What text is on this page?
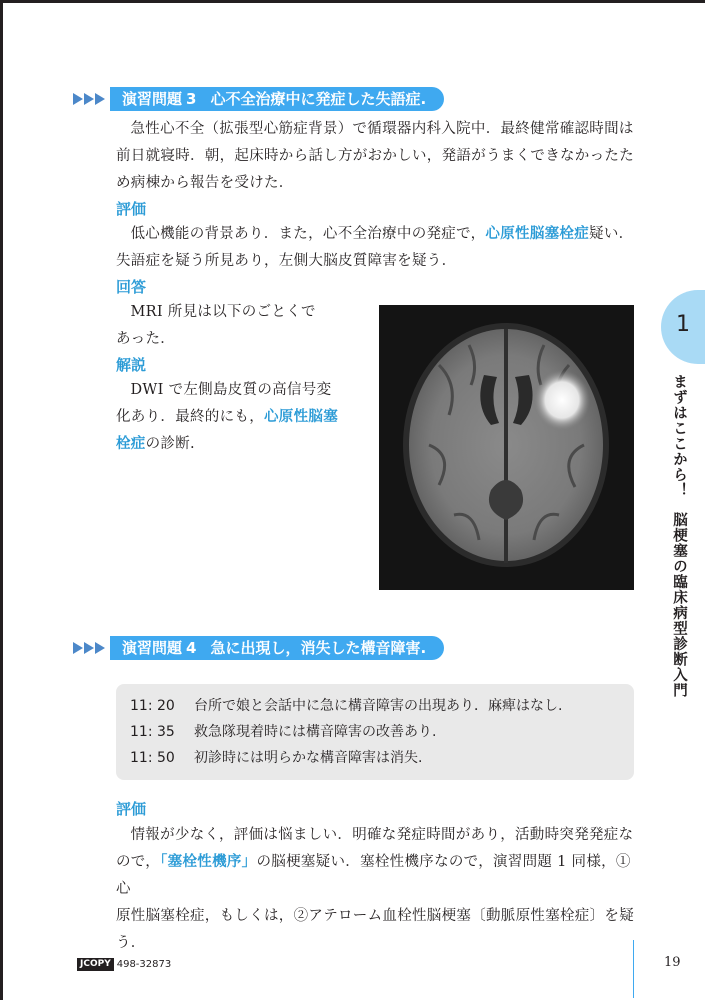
演習問題 3 心不全治療中に発症した失語症.

急性心不全（拡張型心筋症背景）で循環器内科入院中．最終健常確認時間は

前日就寝時．朝，起床時から話し方がおかしい，発語がうまくできなかったた

め病棟から報告を受けた．

評価

低心機能の背景あり．また，心不全治療中の発症で，心原性脳塞栓症疑い．

失語症を疑う所見あり，左側大脳皮質障害を疑う．

回答

MRI 所見は以下のごとくで

あった．

解説

DWI で左側島皮質の高信号変

化あり．最終的にも，心原性脳塞

栓症の診断.

演習問題 4 急に出現し，消失した構音障害.
11: 20 台所で娘と会話中に急に構音障害の出現あり．麻痺はなし.
11: 35 救急隊現着時には構音障害の改善あり.
11: 50 初診時には明らかな構音障害は消失.
評価

情報が少なく，評価は悩ましい．明確な発症時間があり，活動時突発発症な

ので，「塞栓性機序」の脳梗塞疑い．塞栓性機序なので，演習問題 1 同様，①心

原性脳塞栓症，もしくは，②アテローム血栓性脳梗塞〔動脈原性塞栓症〕を疑

う．

1
まずはここから！脳梗塞の臨床病型診断入門
JCOPY 498-32873	19
